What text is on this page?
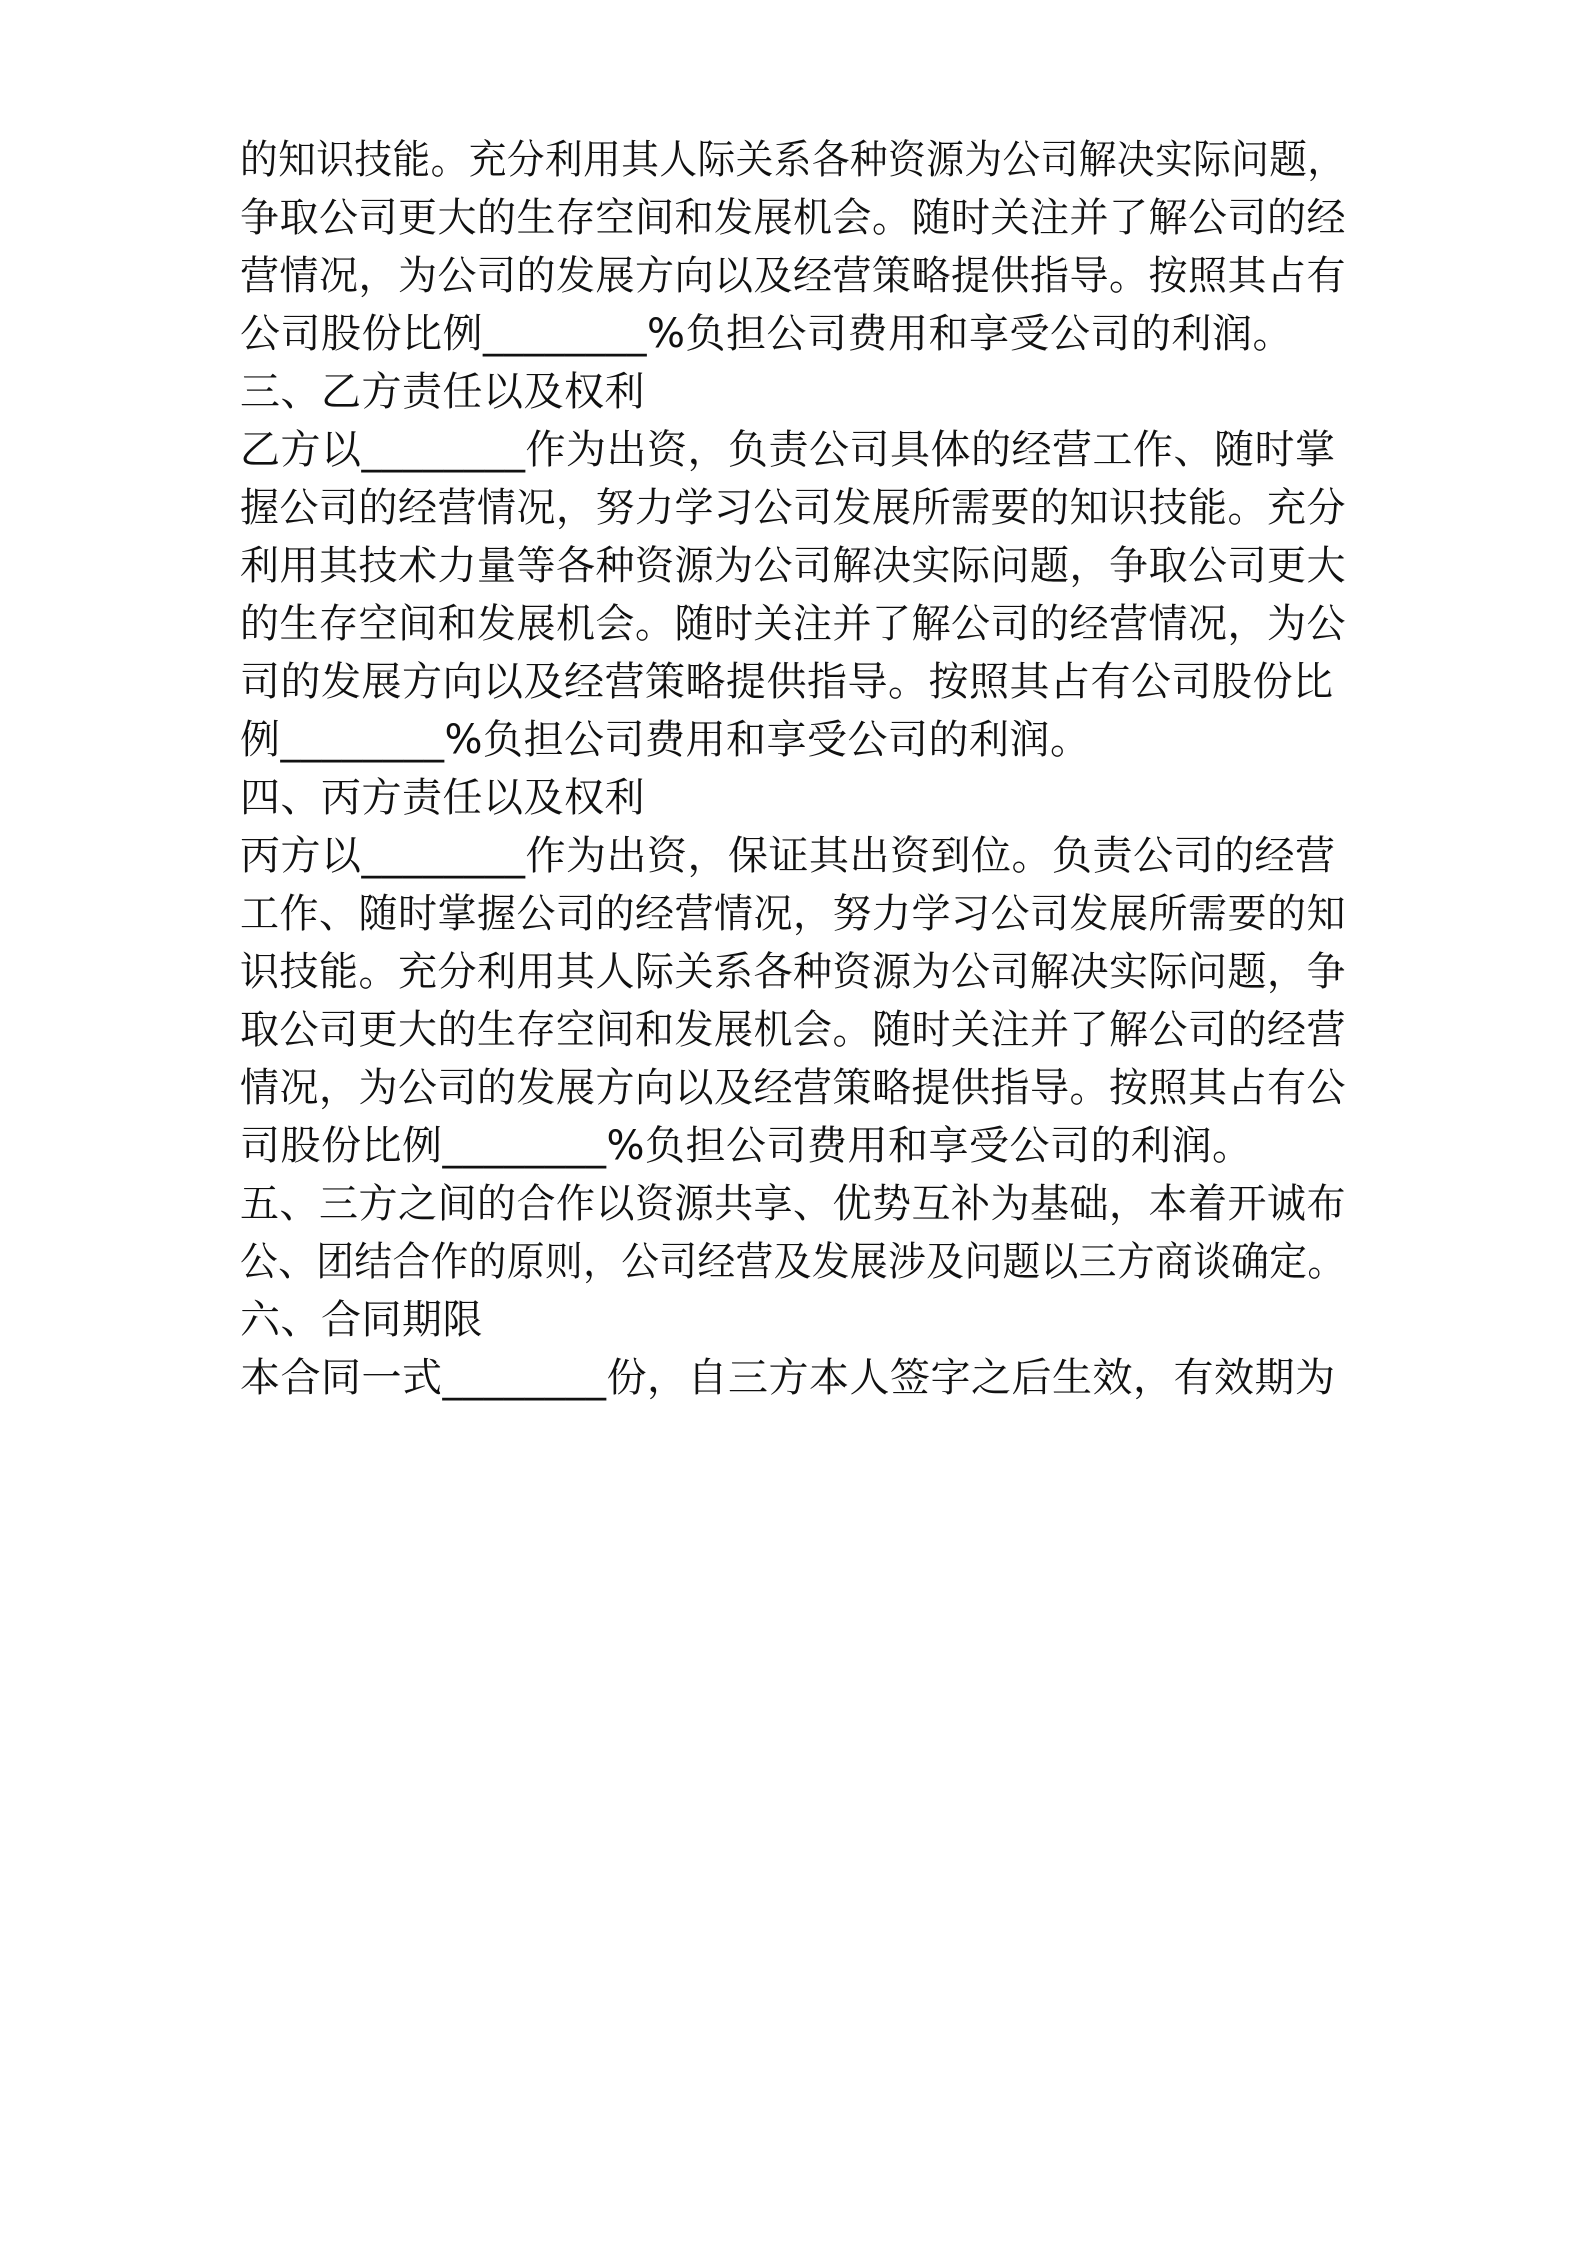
的知识技能。充分利用其人际关系各种资源为公司解决实际问题，
争取公司更大的生存空间和发展机会。随时关注并了解公司的经
营情况，为公司的发展方向以及经营策略提供指导。按照其占有
公司股份比例________%负担公司费用和享受公司的利润。
三、乙方责任以及权利
乙方以________作为出资，负责公司具体的经营工作、随时掌
握公司的经营情况，努力学习公司发展所需要的知识技能。充分
利用其技术力量等各种资源为公司解决实际问题，争取公司更大
的生存空间和发展机会。随时关注并了解公司的经营情况，为公
司的发展方向以及经营策略提供指导。按照其占有公司股份比
例________%负担公司费用和享受公司的利润。
四、丙方责任以及权利
丙方以________作为出资，保证其出资到位。负责公司的经营
工作、随时掌握公司的经营情况，努力学习公司发展所需要的知
识技能。充分利用其人际关系各种资源为公司解决实际问题，争
取公司更大的生存空间和发展机会。随时关注并了解公司的经营
情况，为公司的发展方向以及经营策略提供指导。按照其占有公
司股份比例________%负担公司费用和享受公司的利润。
五、三方之间的合作以资源共享、优势互补为基础，本着开诚布
公、团结合作的原则，公司经营及发展涉及问题以三方商谈确定。
六、合同期限
本合同一式________份，自三方本人签字之后生效，有效期为
